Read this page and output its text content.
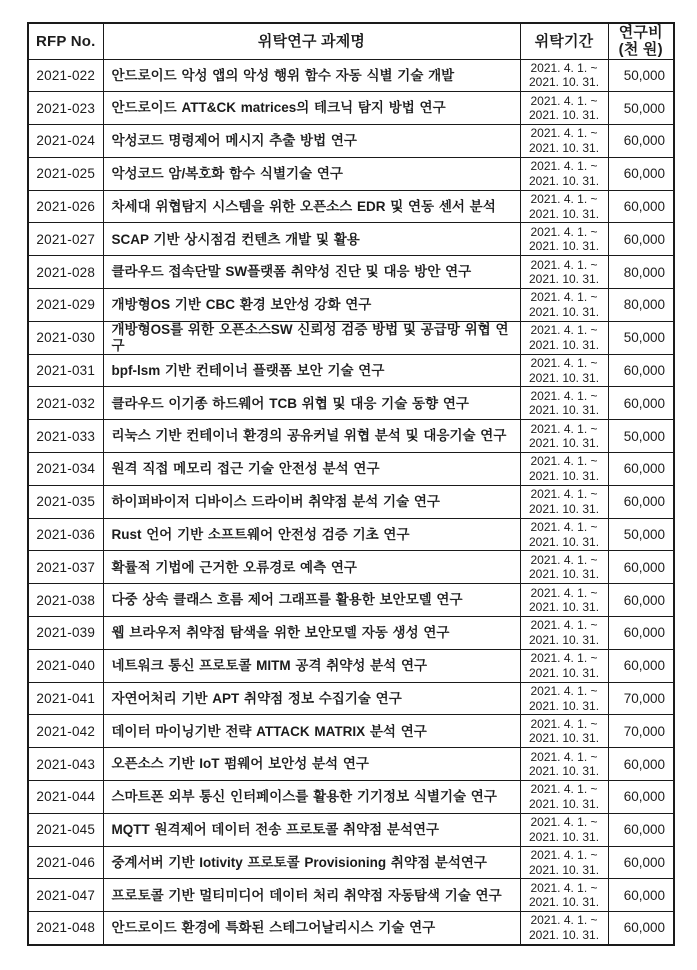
RFP No.	위탁연구 과제명	위탁기간	연구비
(천 원)

2021-022	안드로이드 악성 앱의 악성 행위 함수 자동 식별 기술 개발	2021. 4. 1. ~
2021. 10. 31.	50,000
2021-023	안드로이드 ATT&CK matrices의 테크닉 탐지 방법 연구	2021. 4. 1. ~
2021. 10. 31.	50,000
2021-024	악성코드 명령제어 메시지 추출 방법 연구	2021. 4. 1. ~
2021. 10. 31.	60,000
2021-025	악성코드 암/복호화 함수 식별기술 연구	2021. 4. 1. ~
2021. 10. 31.	60,000
2021-026	차세대 위협탐지 시스템을 위한 오픈소스 EDR 및 연동 센서 분석	2021. 4. 1. ~
2021. 10. 31.	60,000
2021-027	SCAP 기반 상시점검 컨텐츠 개발 및 활용	2021. 4. 1. ~
2021. 10. 31.	60,000
2021-028	클라우드 접속단말 SW플랫폼 취약성 진단 및 대응 방안 연구	2021. 4. 1. ~
2021. 10. 31.	80,000
2021-029	개방형OS 기반 CBC 환경 보안성 강화 연구	2021. 4. 1. ~
2021. 10. 31.	80,000
2021-030	개방형OS를 위한 오픈소스SW 신뢰성 검증 방법 및 공급망 위협 연구	2021. 4. 1. ~
2021. 10. 31.	50,000
2021-031	bpf-lsm 기반 컨테이너 플랫폼 보안 기술 연구	2021. 4. 1. ~
2021. 10. 31.	60,000
2021-032	클라우드 이기종 하드웨어 TCB 위협 및 대응 기술 동향 연구	2021. 4. 1. ~
2021. 10. 31.	60,000
2021-033	리눅스 기반 컨테이너 환경의 공유커널 위협 분석 및 대응기술 연구	2021. 4. 1. ~
2021. 10. 31.	50,000
2021-034	원격 직접 메모리 접근 기술 안전성 분석 연구	2021. 4. 1. ~
2021. 10. 31.	60,000
2021-035	하이퍼바이저 디바이스 드라이버 취약점 분석 기술 연구	2021. 4. 1. ~
2021. 10. 31.	60,000
2021-036	Rust 언어 기반 소프트웨어 안전성 검증 기초 연구	2021. 4. 1. ~
2021. 10. 31.	50,000
2021-037	확률적 기법에 근거한 오류경로 예측 연구	2021. 4. 1. ~
2021. 10. 31.	60,000
2021-038	다중 상속 클래스 흐름 제어 그래프를 활용한 보안모델 연구	2021. 4. 1. ~
2021. 10. 31.	60,000
2021-039	웹 브라우저 취약점 탐색을 위한 보안모델 자동 생성 연구	2021. 4. 1. ~
2021. 10. 31.	60,000
2021-040	네트워크 통신 프로토콜 MITM 공격 취약성 분석 연구	2021. 4. 1. ~
2021. 10. 31.	60,000
2021-041	자연어처리 기반 APT 취약점 정보 수집기술 연구	2021. 4. 1. ~
2021. 10. 31.	70,000
2021-042	데이터 마이닝기반 전략 ATTACK MATRIX 분석 연구	2021. 4. 1. ~
2021. 10. 31.	70,000
2021-043	오픈소스 기반 IoT 펌웨어 보안성 분석 연구	2021. 4. 1. ~
2021. 10. 31.	60,000
2021-044	스마트폰 외부 통신 인터페이스를 활용한 기기정보 식별기술 연구	2021. 4. 1. ~
2021. 10. 31.	60,000
2021-045	MQTT 원격제어 데이터 전송 프로토콜 취약점 분석연구	2021. 4. 1. ~
2021. 10. 31.	60,000
2021-046	중계서버 기반 Iotivity 프로토콜 Provisioning 취약점 분석연구	2021. 4. 1. ~
2021. 10. 31.	60,000
2021-047	프로토콜 기반 멀티미디어 데이터 처리 취약점 자동탐색 기술 연구	2021. 4. 1. ~
2021. 10. 31.	60,000
2021-048	안드로이드 환경에 특화된 스테그어날리시스 기술 연구	2021. 4. 1. ~
2021. 10. 31.	60,000
